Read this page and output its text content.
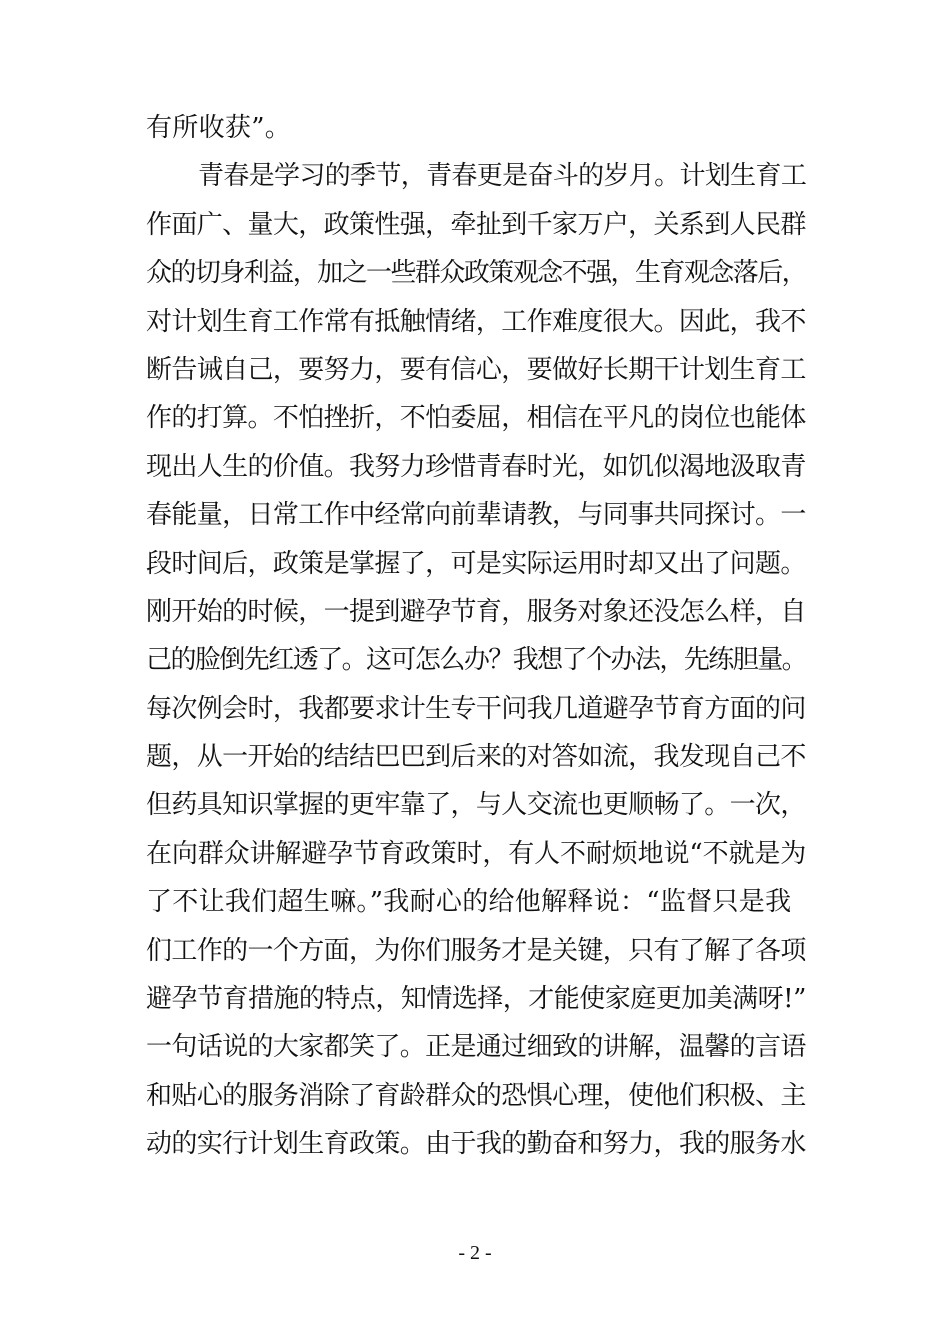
有所收获”。
青春是学习的季节，青春更是奋斗的岁月。计划生育工
作面广、量大，政策性强，牵扯到千家万户，关系到人民群
众的切身利益，加之一些群众政策观念不强，生育观念落后，
对计划生育工作常有抵触情绪，工作难度很大。因此，我不
断告诫自己，要努力，要有信心，要做好长期干计划生育工
作的打算。不怕挫折，不怕委屈，相信在平凡的岗位也能体
现出人生的价值。我努力珍惜青春时光，如饥似渴地汲取青
春能量，日常工作中经常向前辈请教，与同事共同探讨。一
段时间后，政策是掌握了，可是实际运用时却又出了问题。
刚开始的时候，一提到避孕节育，服务对象还没怎么样，自
己的脸倒先红透了。这可怎么办？我想了个办法，先练胆量。
每次例会时，我都要求计生专干问我几道避孕节育方面的问
题，从一开始的结结巴巴到后来的对答如流，我发现自己不
但药具知识掌握的更牢靠了，与人交流也更顺畅了。一次，
在向群众讲解避孕节育政策时，有人不耐烦地说“不就是为
了不让我们超生嘛。”我耐心的给他解释说：“监督只是我
们工作的一个方面，为你们服务才是关键，只有了解了各项
避孕节育措施的特点，知情选择，才能使家庭更加美满呀!”
一句话说的大家都笑了。正是通过细致的讲解，温馨的言语
和贴心的服务消除了育龄群众的恐惧心理，使他们积极、主
动的实行计划生育政策。由于我的勤奋和努力，我的服务水
- 2 -
